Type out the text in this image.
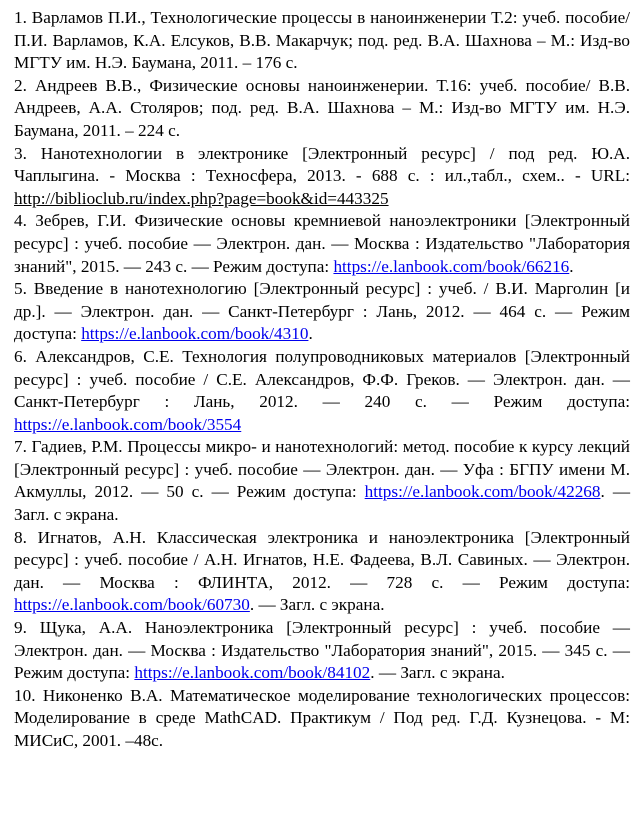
1. Варламов П.И., Технологические процессы в наноинженерии Т.2: учеб. пособие/ П.И. Варламов, К.А. Елсуков, В.В. Макарчук; под. ред. В.А. Шахнова – М.: Изд-во МГТУ им. Н.Э. Баумана, 2011. – 176 с.

2. Андреев В.В., Физические основы наноинженерии. Т.16: учеб. пособие/ В.В. Андреев, А.А. Столяров; под. ред. В.А. Шахнова – М.: Изд-во МГТУ им. Н.Э. Баумана, 2011. – 224 с.

3. Нанотехнологии в электронике [Электронный ресурс] / под ред. Ю.А. Чаплыгина. - Москва : Техносфера, 2013. - 688 с. : ил.,табл., схем.. - URL: http://biblioclub.ru/index.php?page=book&id=443325

4. Зебрев, Г.И. Физические основы кремниевой наноэлектроники [Электронный ресурс] : учеб. пособие — Электрон. дан. — Москва : Издательство "Лаборатория знаний", 2015. — 243 с. — Режим доступа: https://e.lanbook.com/book/66216.

5. Введение в нанотехнологию [Электронный ресурс] : учеб. / В.И. Марголин [и др.]. — Электрон. дан. — Санкт-Петербург : Лань, 2012. — 464 с. — Режим доступа: https://e.lanbook.com/book/4310.

6. Александров, С.Е. Технология полупроводниковых материалов [Электронный ресурс] : учеб. пособие / С.Е. Александров, Ф.Ф. Греков. — Электрон. дан. — Санкт-Петербург : Лань, 2012. — 240 с. — Режим доступа: https://e.lanbook.com/book/3554

7. Гадиев, Р.М. Процессы микро- и нанотехнологий: метод. пособие к курсу лекций [Электронный ресурс] : учеб. пособие — Электрон. дан. — Уфа : БГПУ имени М. Акмуллы, 2012. — 50 с. — Режим доступа: https://e.lanbook.com/book/42268. — Загл. с экрана.

8. Игнатов, А.Н. Классическая электроника и наноэлектроника [Электронный ресурс] : учеб. пособие / А.Н. Игнатов, Н.Е. Фадеева, В.Л. Савиных. — Электрон. дан. — Москва : ФЛИНТА, 2012. — 728 с. — Режим доступа: https://e.lanbook.com/book/60730. — Загл. с экрана.

9. Щука, А.А. Наноэлектроника [Электронный ресурс] : учеб. пособие — Электрон. дан. — Москва : Издательство "Лаборатория знаний", 2015. — 345 с. — Режим доступа: https://e.lanbook.com/book/84102. — Загл. с экрана.

10. Никоненко В.А. Математическое моделирование технологических процессов: Моделирование в среде MathCAD. Практикум / Под ред. Г.Д. Кузнецова. - М: МИСиС, 2001. –48с.
